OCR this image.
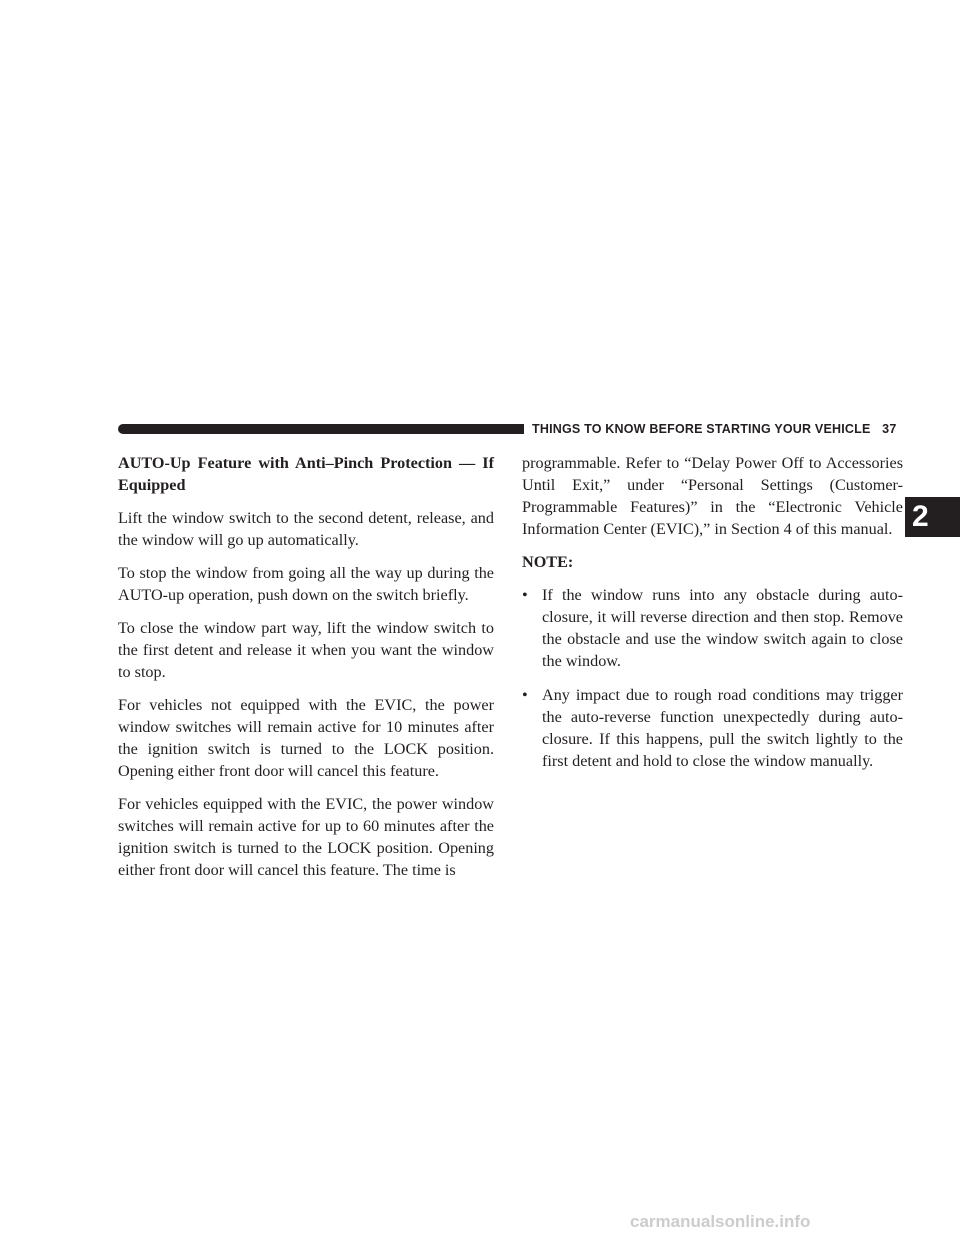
THINGS TO KNOW BEFORE STARTING YOUR VEHICLE 37
2

AUTO-Up Feature with Anti–Pinch Protection — If Equipped

Lift the window switch to the second detent, release, and the window will go up automatically.

To stop the window from going all the way up during the AUTO-up operation, push down on the switch briefly.

To close the window part way, lift the window switch to the first detent and release it when you want the window to stop.

For vehicles not equipped with the EVIC, the power window switches will remain active for 10 minutes after the ignition switch is turned to the LOCK position. Opening either front door will cancel this feature.

For vehicles equipped with the EVIC, the power window switches will remain active for up to 60 minutes after the ignition switch is turned to the LOCK position. Opening either front door will cancel this feature. The time is

programmable. Refer to “Delay Power Off to Accessories Until Exit,” under “Personal Settings (Customer-Programmable Features)” in the “Electronic Vehicle Information Center (EVIC),” in Section 4 of this manual.

NOTE:

• If the window runs into any obstacle during auto-closure, it will reverse direction and then stop. Remove the obstacle and use the window switch again to close the window.
• Any impact due to rough road conditions may trigger the auto-reverse function unexpectedly during auto-closure. If this happens, pull the switch lightly to the first detent and hold to close the window manually.
carmanualsonline.info
